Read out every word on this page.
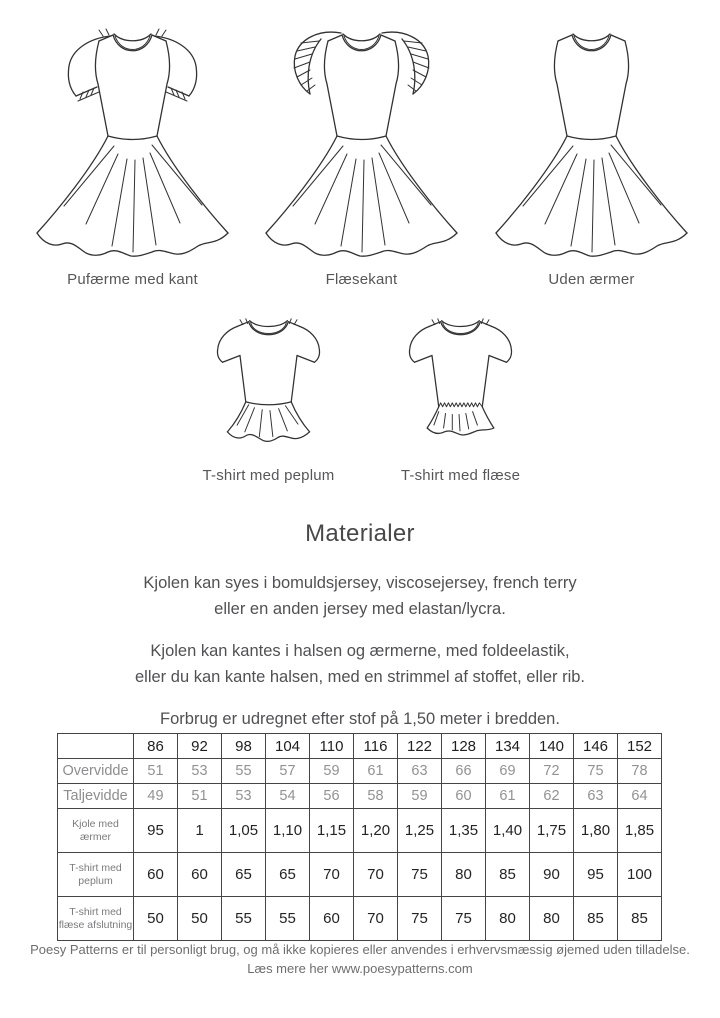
Pufærme med kant	Flæsekant	Uden ærmer
T-shirt med peplum	T-shirt med flæse
Materialer

Kjolen kan syes i bomuldsjersey, viscosejersey, french terry
eller en anden jersey med elastan/lycra.

Kjolen kan kantes i halsen og ærmerne, med foldeelastik,
eller du kan kante halsen, med en strimmel af stoffet, eller rib.

Forbrug er udregnet efter stof på 1,50 meter i bredden.

	86	92	98	104	110	116	122	128	134	140	146	152
Overvidde	51	53	55	57	59	61	63	66	69	72	75	78
Taljevidde	49	51	53	54	56	58	59	60	61	62	63	64
Kjole med ærmer	95	1	1,05	1,10	1,15	1,20	1,25	1,35	1,40	1,75	1,80	1,85
T-shirt med peplum	60	60	65	65	70	70	75	80	85	90	95	100
T-shirt med flæse afslutning	50	50	55	55	60	70	75	75	80	80	85	85
Poesy Patterns er til personligt brug, og må ikke kopieres eller anvendes i erhvervsmæssig øjemed uden tilladelse.
Læs mere her www.poesypatterns.com
